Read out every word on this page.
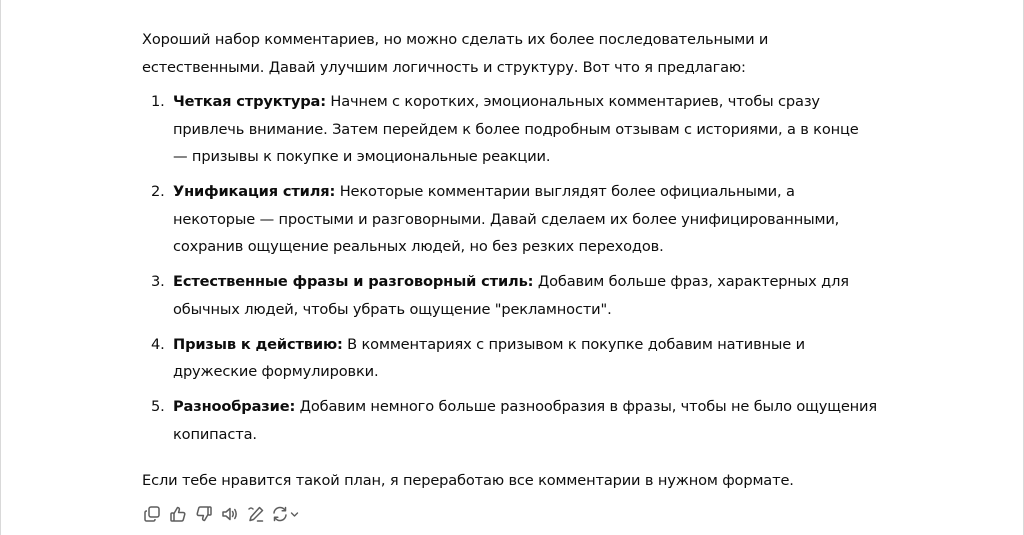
Хороший набор комментариев, но можно сделать их более последовательными и естественными. Давай улучшим логичность и структуру. Вот что я предлагаю:

1. Четкая структура: Начнем с коротких, эмоциональных комментариев, чтобы сразу привлечь внимание. Затем перейдем к более подробным отзывам с историями, а в конце — призывы к покупке и эмоциональные реакции.
2. Унификация стиля: Некоторые комментарии выглядят более официальными, а некоторые — простыми и разговорными. Давай сделаем их более унифицированными, сохранив ощущение реальных людей, но без резких переходов.
3. Естественные фразы и разговорный стиль: Добавим больше фраз, характерных для обычных людей, чтобы убрать ощущение "рекламности".
4. Призыв к действию: В комментариях с призывом к покупке добавим нативные и дружеские формулировки.
5. Разнообразие: Добавим немного больше разнообразия в фразы, чтобы не было ощущения копипаста.

Если тебе нравится такой план, я переработаю все комментарии в нужном формате.
